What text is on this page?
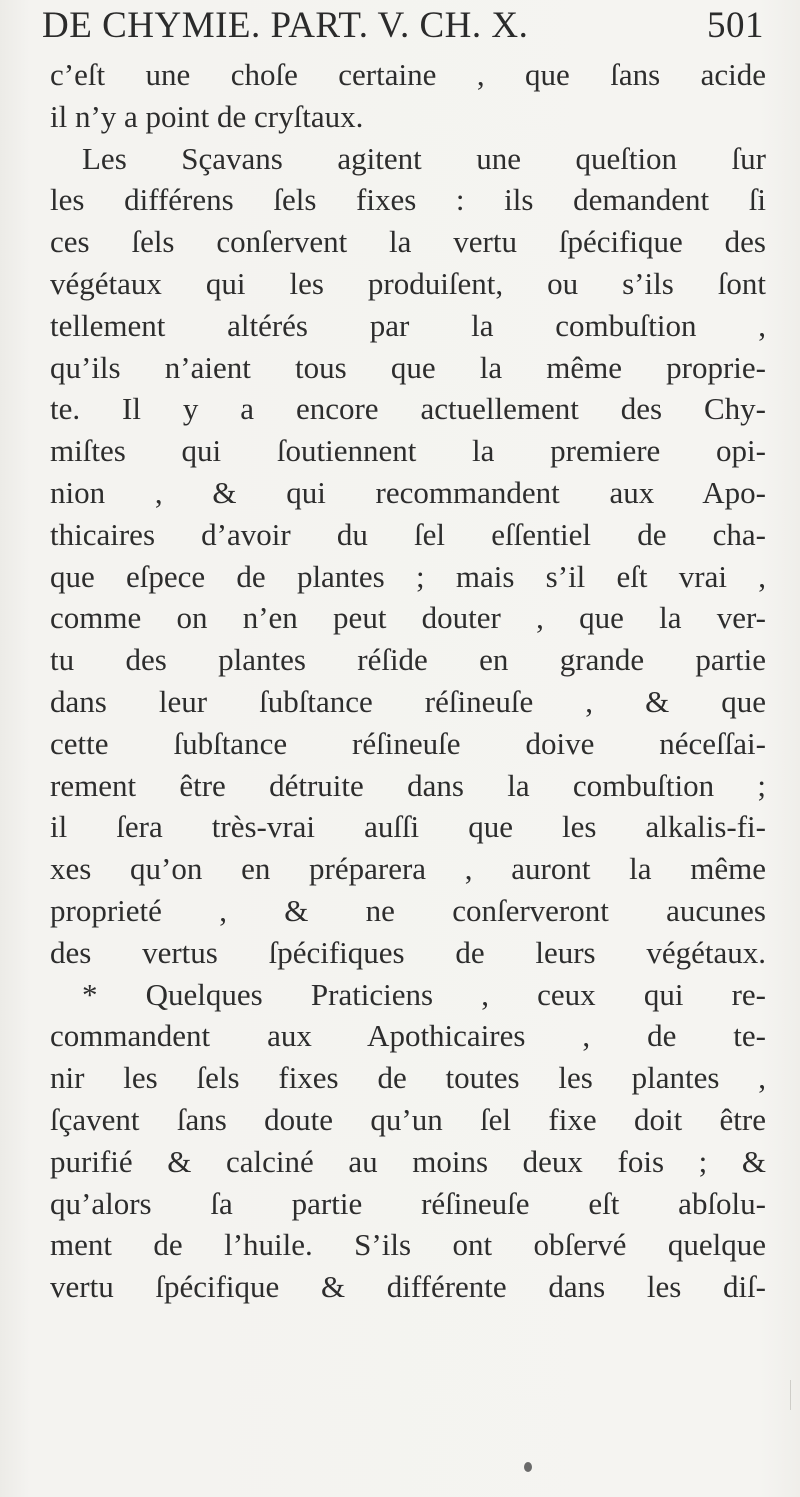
DE CHYMIE. PART. V. CH. X.	501
c’eſt une choſe certaine , que ſans acide
il n’y a point de cryſtaux.
Les Sçavans agitent une queſtion ſur
les différens ſels fixes : ils demandent ſi
ces ſels conſervent la vertu ſpécifique des
végétaux qui les produiſent, ou s’ils ſont
tellement altérés par la combuſtion ,
qu’ils n’aient tous que la même proprie-
te. Il y a encore actuellement des Chy-
miſtes qui ſoutiennent la premiere opi-
nion , & qui recommandent aux Apo-
thicaires d’avoir du ſel eſſentiel de cha-
que eſpece de plantes ; mais s’il eſt vrai ,
comme on n’en peut douter , que la ver-
tu des plantes réſide en grande partie
dans leur ſubſtance réſineuſe , & que
cette ſubſtance réſineuſe doive néceſſai-
rement être détruite dans la combuſtion ;
il ſera très-vrai auſſi que les alkalis-fi-
xes qu’on en préparera , auront la même
proprieté , & ne conſerveront aucunes
des vertus ſpécifiques de leurs végétaux.
* Quelques Praticiens , ceux qui re-
commandent aux Apothicaires , de te-
nir les ſels fixes de toutes les plantes ,
ſçavent ſans doute qu’un ſel fixe doit être
purifié & calciné au moins deux fois ; &
qu’alors ſa partie réſineuſe eſt abſolu-
ment de l’huile. S’ils ont obſervé quelque
vertu ſpécifique & différente dans les diſ-
